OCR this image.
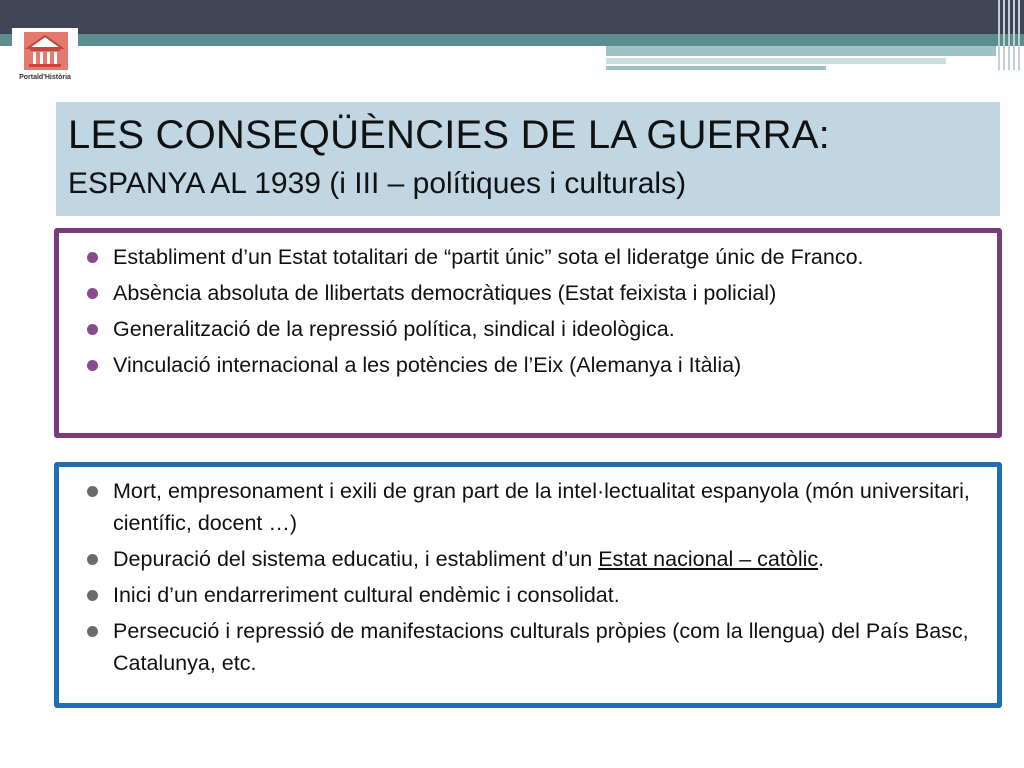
Portald'Història
LES CONSEQÜÈNCIES DE LA GUERRA:
ESPANYA AL 1939 (i III – polítiques i culturals)
Establiment d’un Estat totalitari de “partit únic” sota el lideratge únic de Franco.
Absència absoluta de llibertats democràtiques (Estat feixista i policial)
Generalització de la repressió política, sindical i ideològica.
Vinculació internacional a les potències de l’Eix (Alemanya i Itàlia)
Mort, empresonament i exili de gran part de la intel·lectualitat espanyola (món universitari, científic, docent …)
Depuració del sistema educatiu, i establiment d’un Estat nacional – catòlic.
Inici d’un endarreriment cultural endèmic i consolidat.
Persecució i repressió de manifestacions culturals pròpies (com la llengua) del País Basc, Catalunya, etc.
